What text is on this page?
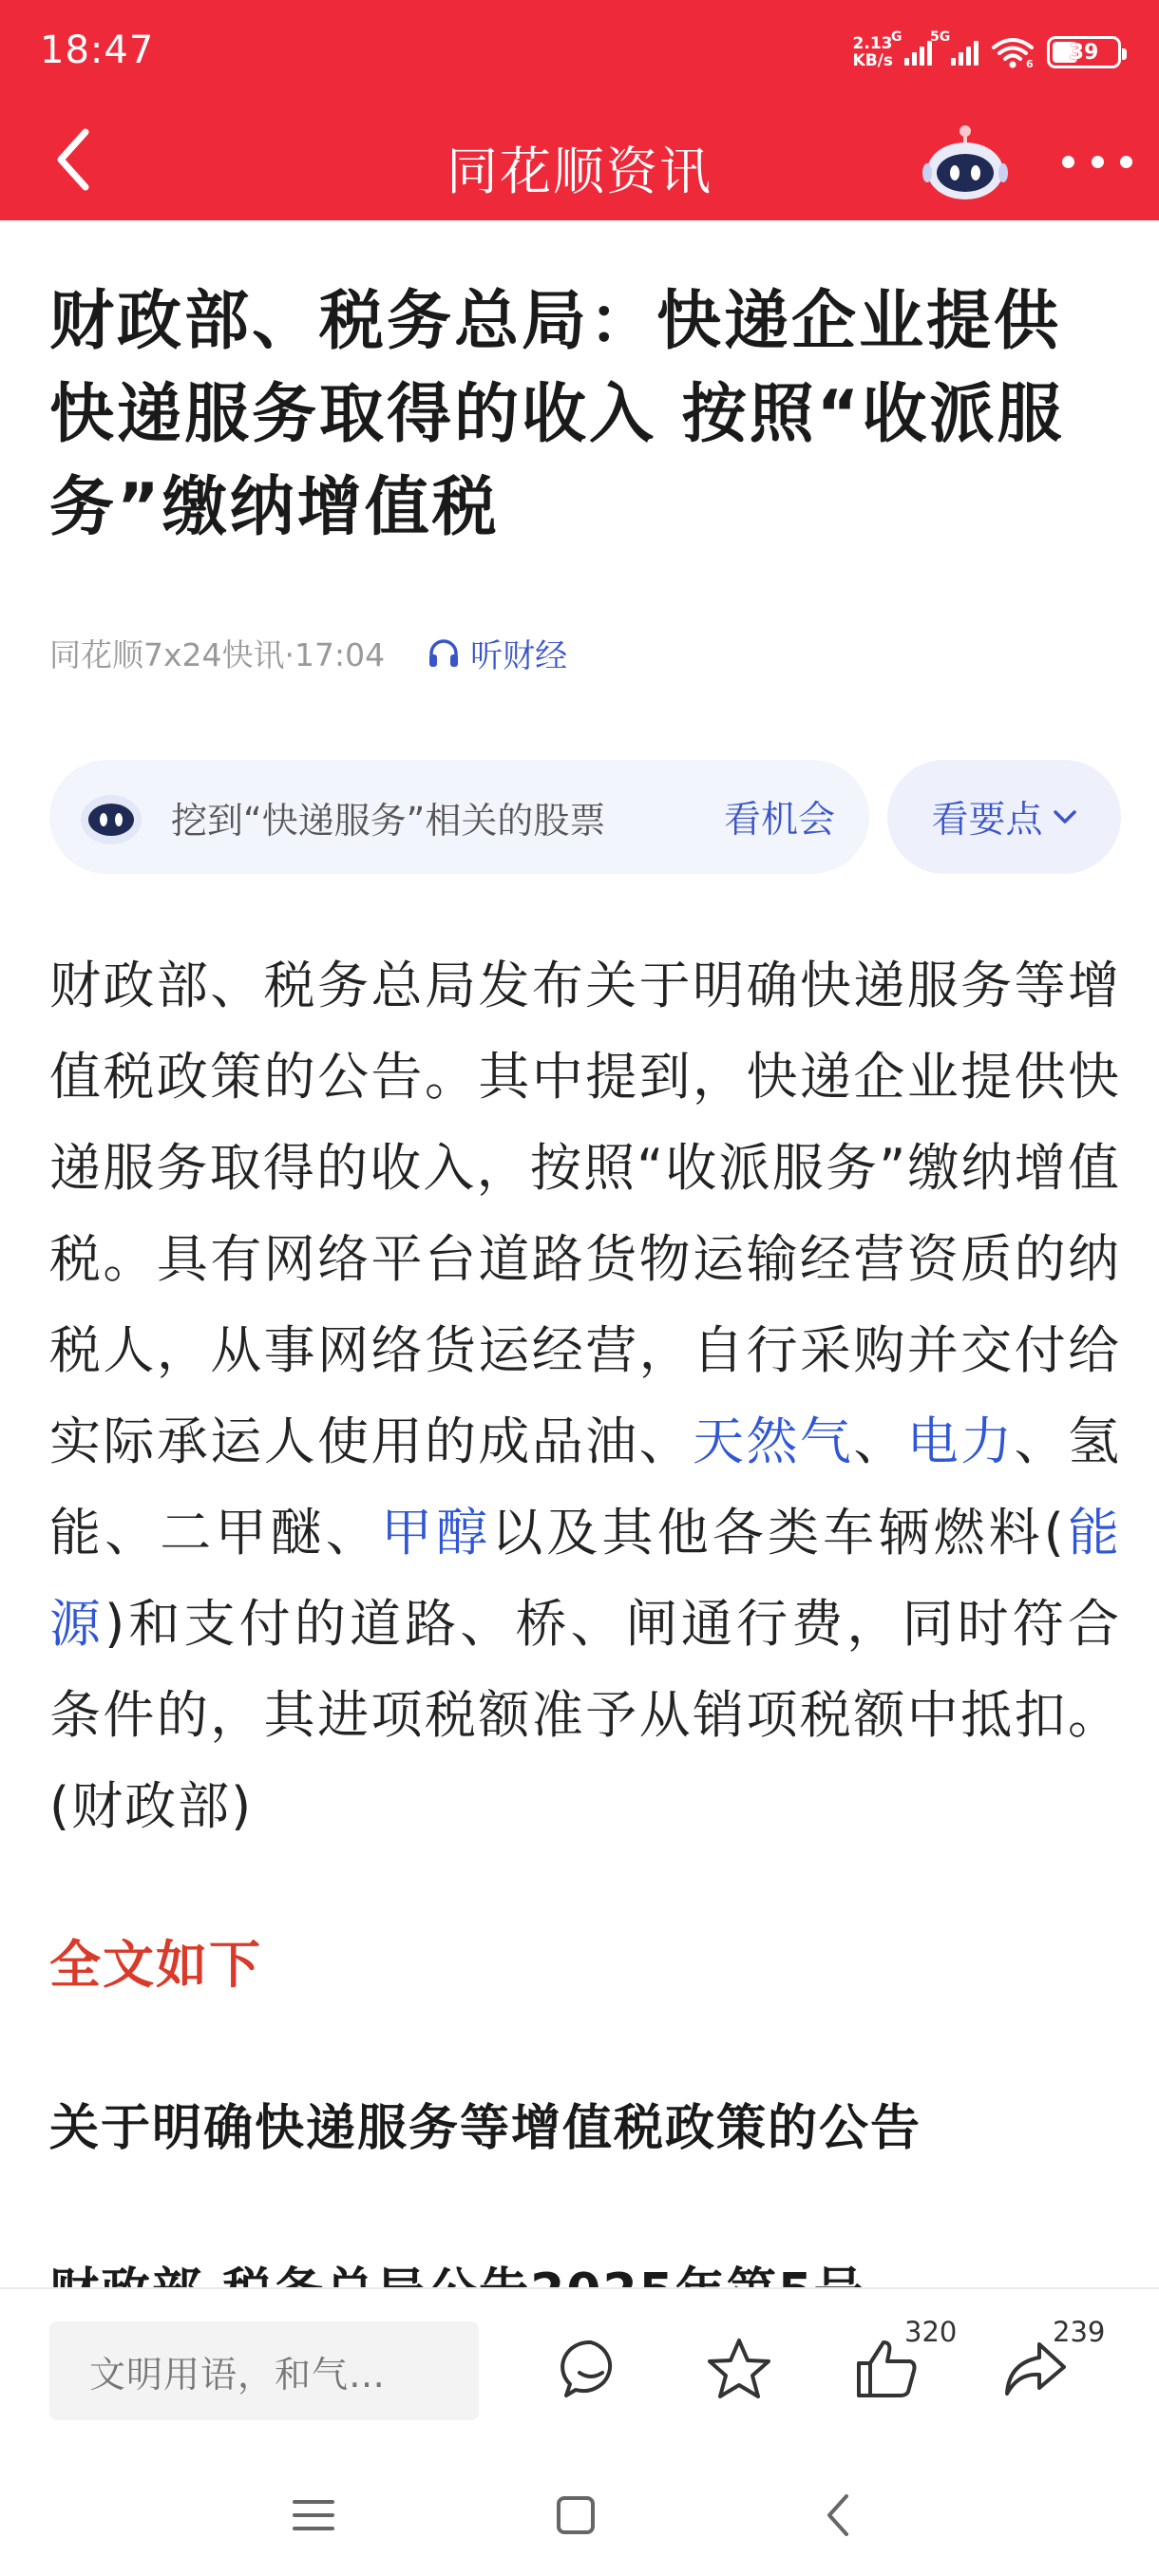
18:47	2.13
KB/s
G 5G
6 39
同花顺资讯
财政部、税务总局：快递企业提供快递服务取得的收入 按照“收派服务”缴纳增值税
同花顺7x24快讯·17:04	听财经
挖到“快递服务”相关的股票	看机会	看要点

财政部、税务总局发布关于明确快递服务等增值税政策的公告。其中提到，快递企业提供快递服务取得的收入，按照“收派服务”缴纳增值税。具有网络平台道路货物运输经营资质的纳税人，从事网络货运经营，自行采购并交付给实际承运人使用的成品油、天然气、电力、氢能、二甲醚、甲醇以及其他各类车辆燃料(能源)和支付的道路、桥、闸通行费，同时符合条件的，其进项税额准予从销项税额中抵扣。(财政部)

全文如下
关于明确快递服务等增值税政策的公告
文明用语，和气…
320	239
